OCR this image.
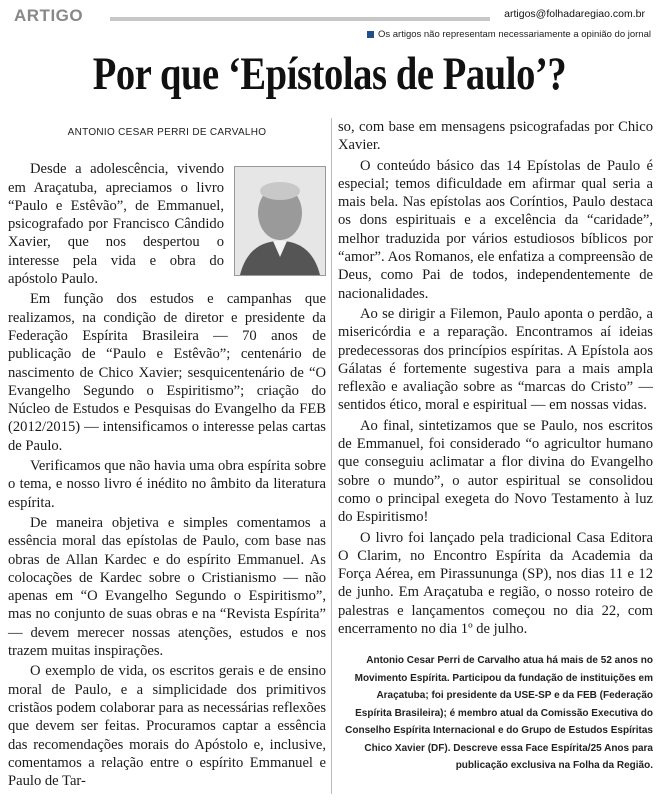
ARTIGO	artigos@folhadaregiao.com.br
Os artigos não representam necessariamente a opinião do jornal
Por que ‘Epístolas de Paulo’?
ANTONIO CESAR PERRI DE CARVALHO

Desde a adolescência, vivendo em Araçatuba, apreciamos o livro “Paulo e Estêvão”, de Emmanuel, psicografado por Francisco Cândido Xavier, que nos despertou o interesse pela vida e obra do apóstolo Paulo.

Em função dos estudos e campanhas que realizamos, na condição de diretor e presidente da Federação Espírita Brasileira — 70 anos de publicação de “Paulo e Estêvão”; centenário de nascimento de Chico Xavier; sesquicentenário de “O Evangelho Segundo o Espiritismo”; criação do Núcleo de Estudos e Pesquisas do Evangelho da FEB (2012/2015) — intensificamos o interesse pelas cartas de Paulo.

Verificamos que não havia uma obra espírita sobre o tema, e nosso livro é inédito no âmbito da literatura espírita.

De maneira objetiva e simples comentamos a essência moral das epístolas de Paulo, com base nas obras de Allan Kardec e do espírito Emmanuel. As colocações de Kardec sobre o Cristianismo — não apenas em “O Evangelho Segundo o Espiritismo”, mas no conjunto de suas obras e na “Revista Espírita” — devem merecer nossas atenções, estudos e nos trazem muitas inspirações.

O exemplo de vida, os escritos gerais e de ensino moral de Paulo, e a simplicidade dos primitivos cristãos podem colaborar para as necessárias reflexões que devem ser feitas. Procuramos captar a essência das recomendações morais do Apóstolo e, inclusive, comentamos a relação entre o espírito Emmanuel e Paulo de Tar-

so, com base em mensagens psicografadas por Chico Xavier.

O conteúdo básico das 14 Epístolas de Paulo é especial; temos dificuldade em afirmar qual seria a mais bela. Nas epístolas aos Coríntios, Paulo destaca os dons espirituais e a excelência da “caridade”, melhor traduzida por vários estudiosos bíblicos por “amor”. Aos Romanos, ele enfatiza a compreensão de Deus, como Pai de todos, independentemente de nacionalidades.

Ao se dirigir a Filemon, Paulo aponta o perdão, a misericórdia e a reparação. Encontramos aí ideias predecessoras dos princípios espíritas. A Epístola aos Gálatas é fortemente sugestiva para a mais ampla reflexão e avaliação sobre as “marcas do Cristo” — sentidos ético, moral e espiritual — em nossas vidas.

Ao final, sintetizamos que se Paulo, nos escritos de Emmanuel, foi considerado “o agricultor humano que conseguiu aclimatar a flor divina do Evangelho sobre o mundo”, o autor espiritual se consolidou como o principal exegeta do Novo Testamento à luz do Espiritismo!

O livro foi lançado pela tradicional Casa Editora O Clarim, no Encontro Espírita da Academia da Força Aérea, em Pirassununga (SP), nos dias 11 e 12 de junho. Em Araçatuba e região, o nosso roteiro de palestras e lançamentos começou no dia 22, com encerramento no dia 1º de julho.

Antonio Cesar Perri de Carvalho atua há mais de 52 anos no Movimento Espírita. Participou da fundação de instituições em Araçatuba; foi presidente da USE-SP e da FEB (Federação Espírita Brasileira); é membro atual da Comissão Executiva do Conselho Espírita Internacional e do Grupo de Estudos Espíritas Chico Xavier (DF). Descreve essa Face Espírita/25 Anos para publicação exclusiva na Folha da Região.
